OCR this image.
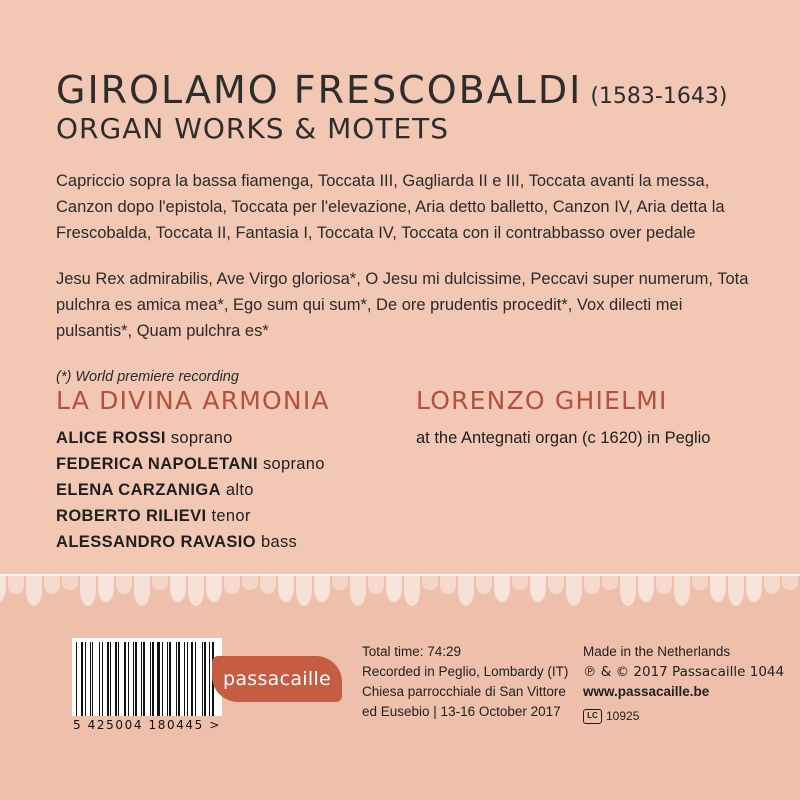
GIROLAMO FRESCOBALDI (1583-1643)
ORGAN WORKS & MOTETS

Capriccio sopra la bassa fiamenga, Toccata III, Gagliarda II e III, Toccata avanti la messa, Canzon dopo l'epistola, Toccata per l'elevazione, Aria detto balletto, Canzon IV, Aria detta la Frescobalda, Toccata II, Fantasia I, Toccata IV, Toccata con il contrabbasso over pedale

Jesu Rex admirabilis, Ave Virgo gloriosa*, O Jesu mi dulcissime, Peccavi super numerum, Tota pulchra es amica mea*, Ego sum qui sum*, De ore prudentis procedit*, Vox dilecti mei pulsantis*, Quam pulchra es*

(*) World premiere recording

LA DIVINA ARMONIA
ALICE ROSSI soprano
FEDERICA NAPOLETANI soprano
ELENA CARZANIGA alto
ROBERTO RILIEVI tenor
ALESSANDRO RAVASIO bass
LORENZO GHIELMI
at the Antegnati organ (c 1620) in Peglio
5 425004 180445 >
passacaille
Total time: 74:29
Recorded in Peglio, Lombardy (IT)
Chiesa parrocchiale di San Vittore
ed Eusebio | 13-16 October 2017
Made in the Netherlands
℗ & © 2017 Passacaille 1044
www.passacaille.be
LC 10925
